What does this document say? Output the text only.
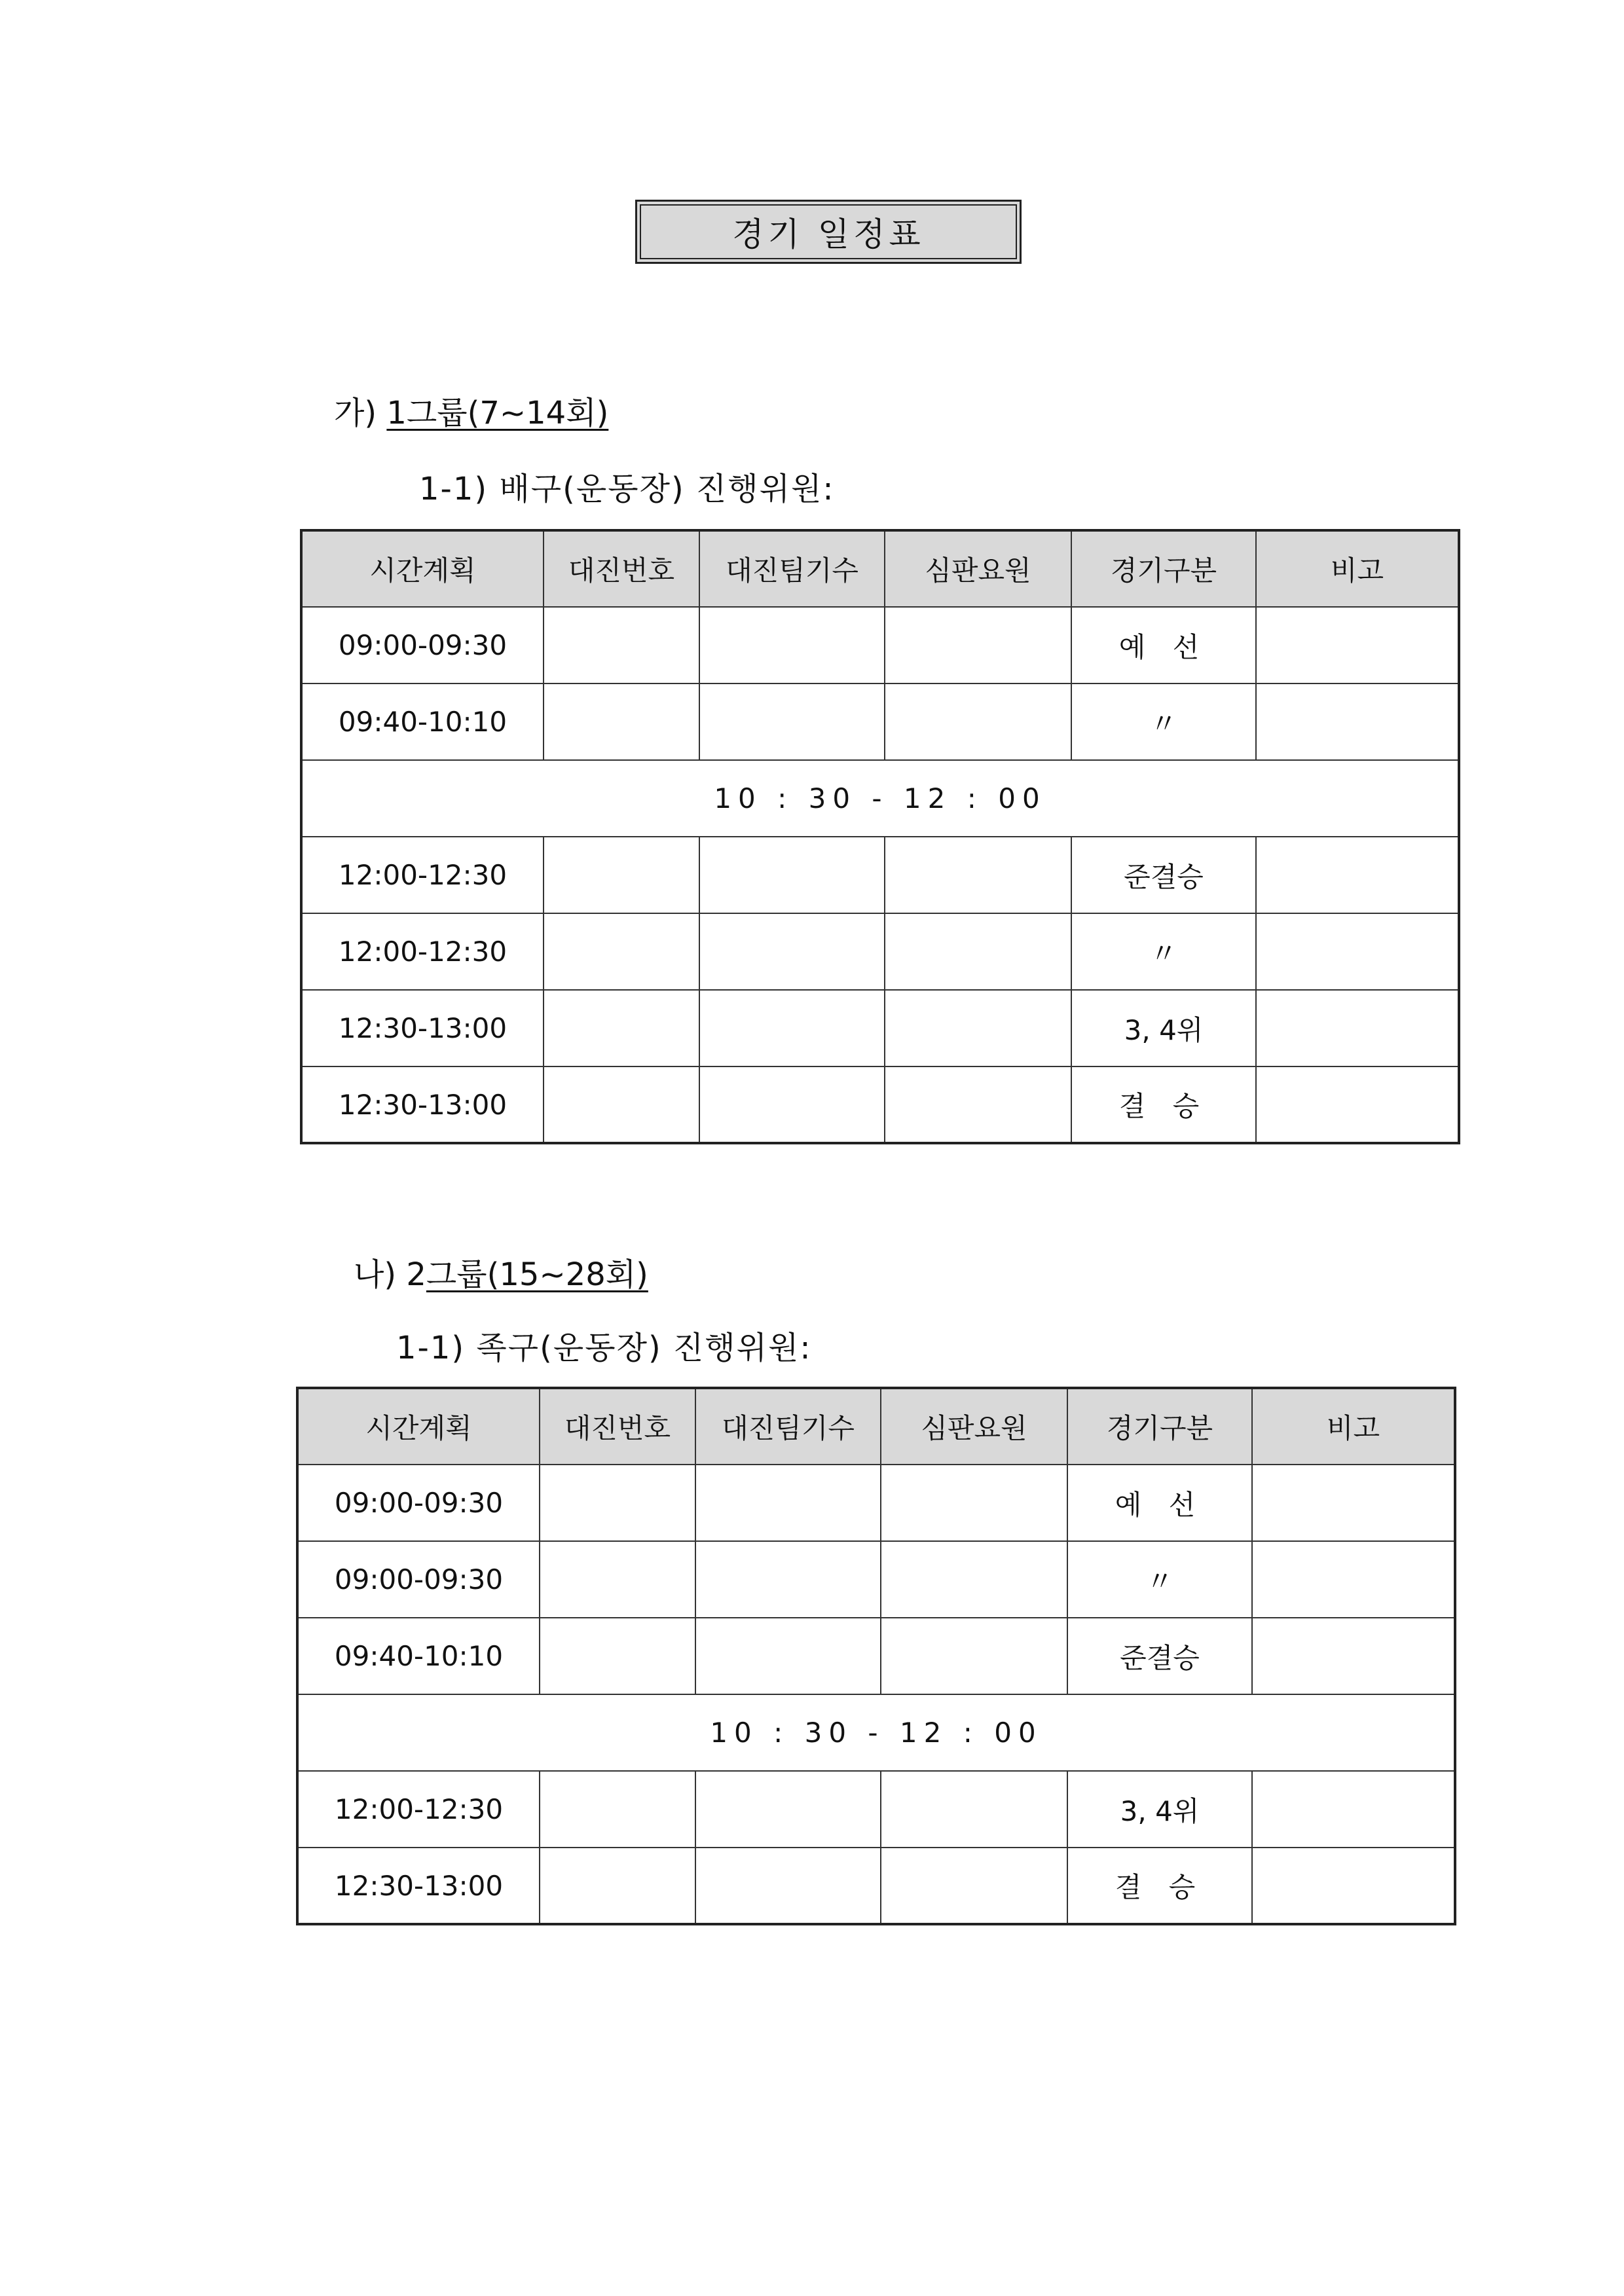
경기 일정표
가) 1그룹(7~14회)
1-1) 배구(운동장) 진행위원:
시간계획	대진번호	대진팀기수	심판요원	경기구분	비고
09:00-09:30				예 선	
09:40-10:10				〃	
10 : 30 - 12 : 00					
12:00-12:30				준결승	
12:00-12:30				〃	
12:30-13:00				3, 4위	
12:30-13:00				결 승	
나) 2그룹(15~28회)
1-1) 족구(운동장) 진행위원:
시간계획	대진번호	대진팀기수	심판요원	경기구분	비고
09:00-09:30				예 선	
09:00-09:30				〃	
09:40-10:10				준결승	
10 : 30 - 12 : 00					
12:00-12:30				3, 4위	
12:30-13:00				결 승	
